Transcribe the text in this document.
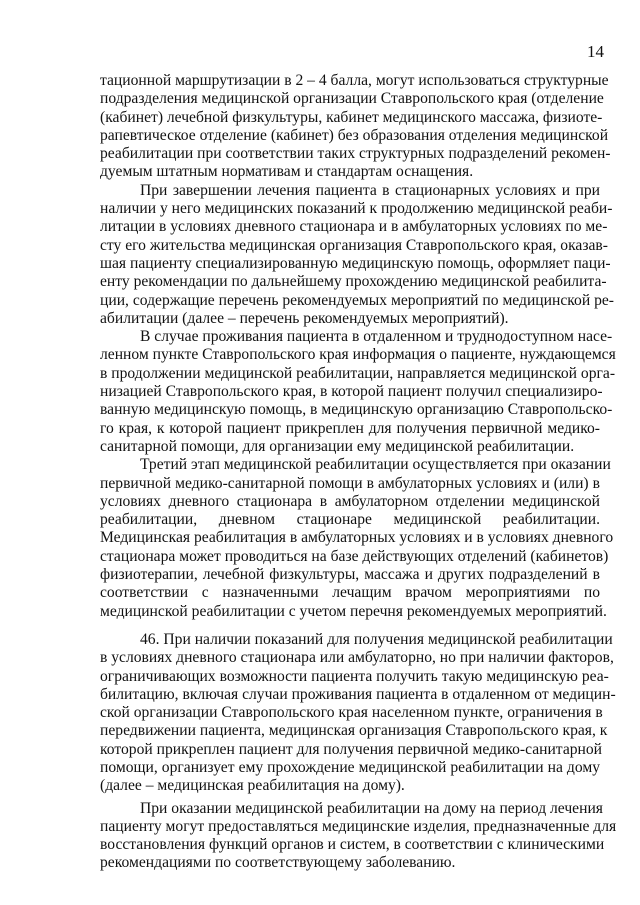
14
тационной маршрутизации в 2 – 4 балла, могут использоваться структурные
подразделения медицинской организации Ставропольского края (отделение
(кабинет) лечебной физкультуры, кабинет медицинского массажа, физиоте-
рапевтическое отделение (кабинет) без образования отделения медицинской
реабилитации при соответствии таких структурных подразделений рекомен-
дуемым штатным нормативам и стандартам оснащения.
При завершении лечения пациента в стационарных условиях и при
наличии у него медицинских показаний к продолжению медицинской реаби-
литации в условиях дневного стационара и в амбулаторных условиях по ме-
сту его жительства медицинская организация Ставропольского края, оказав-
шая пациенту специализированную медицинскую помощь, оформляет паци-
енту рекомендации по дальнейшему прохождению медицинской реабилита-
ции, содержащие перечень рекомендуемых мероприятий по медицинской ре-
абилитации (далее – перечень рекомендуемых мероприятий).
В случае проживания пациента в отдаленном и труднодоступном насе-
ленном пункте Ставропольского края информация о пациенте, нуждающемся
в продолжении медицинской реабилитации, направляется медицинской орга-
низацией Ставропольского края, в которой пациент получил специализиро-
ванную медицинскую помощь, в медицинскую организацию Ставропольско-
го края, к которой пациент прикреплен для получения первичной медико-
санитарной помощи, для организации ему медицинской реабилитации.
Третий этап медицинской реабилитации осуществляется при оказании
первичной медико-санитарной помощи в амбулаторных условиях и (или) в
условиях дневного стационара в амбулаторном отделении медицинской
реабилитации, дневном стационаре медицинской реабилитации.
Медицинская реабилитация в амбулаторных условиях и в условиях дневного
стационара может проводиться на базе действующих отделений (кабинетов)
физиотерапии, лечебной физкультуры, массажа и других подразделений в
соответствии с назначенными лечащим врачом мероприятиями по
медицинской реабилитации с учетом перечня рекомендуемых мероприятий.
46. При наличии показаний для получения медицинской реабилитации
в условиях дневного стационара или амбулаторно, но при наличии факторов,
ограничивающих возможности пациента получить такую медицинскую реа-
билитацию, включая случаи проживания пациента в отдаленном от медицин-
ской организации Ставропольского края населенном пункте, ограничения в
передвижении пациента, медицинская организация Ставропольского края, к
которой прикреплен пациент для получения первичной медико-санитарной
помощи, организует ему прохождение медицинской реабилитации на дому
(далее – медицинская реабилитация на дому).
При оказании медицинской реабилитации на дому на период лечения
пациенту могут предоставляться медицинские изделия, предназначенные для
восстановления функций органов и систем, в соответствии с клиническими
рекомендациями по соответствующему заболеванию.
